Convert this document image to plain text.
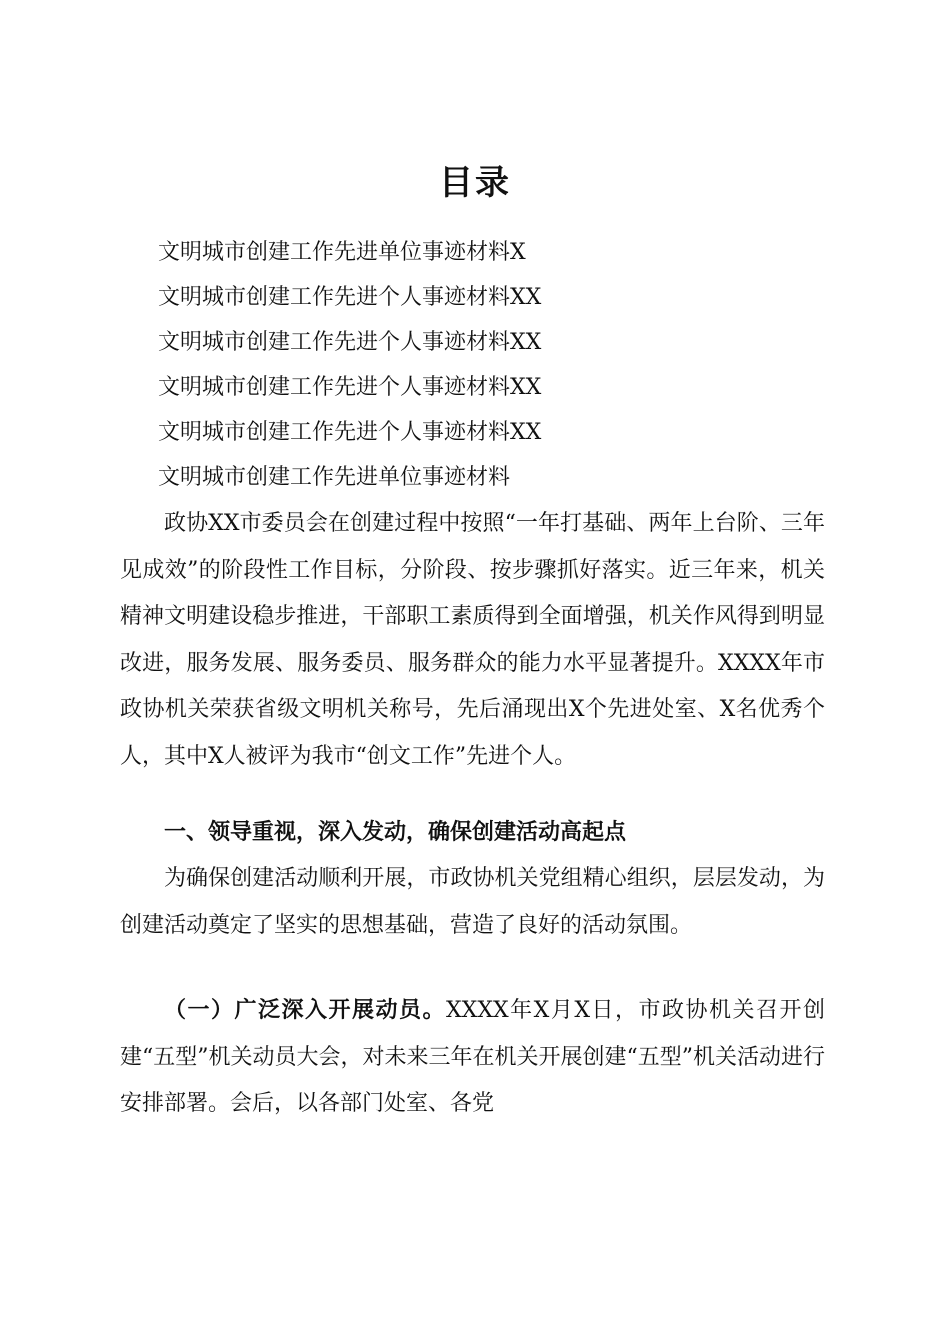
目录
文明城市创建工作先进单位事迹材料X
文明城市创建工作先进个人事迹材料XX
文明城市创建工作先进个人事迹材料XX
文明城市创建工作先进个人事迹材料XX
文明城市创建工作先进个人事迹材料XX
文明城市创建工作先进单位事迹材料

政协XX市委员会在创建过程中按照“一年打基础、两年上台阶、三年见成效”的阶段性工作目标，分阶段、按步骤抓好落实。近三年来，机关精神文明建设稳步推进，干部职工素质得到全面增强，机关作风得到明显改进，服务发展、服务委员、服务群众的能力水平显著提升。XXXX年市政协机关荣获省级文明机关称号，先后涌现出X个先进处室、X名优秀个人，其中X人被评为我市“创文工作”先进个人。

一、领导重视，深入发动，确保创建活动高起点

为确保创建活动顺利开展，市政协机关党组精心组织，层层发动，为创建活动奠定了坚实的思想基础，营造了良好的活动氛围。

（一）广泛深入开展动员。XXXX年X月X日，市政协机关召开创建“五型”机关动员大会，对未来三年在机关开展创建“五型”机关活动进行安排部署。会后，以各部门处室、各党
